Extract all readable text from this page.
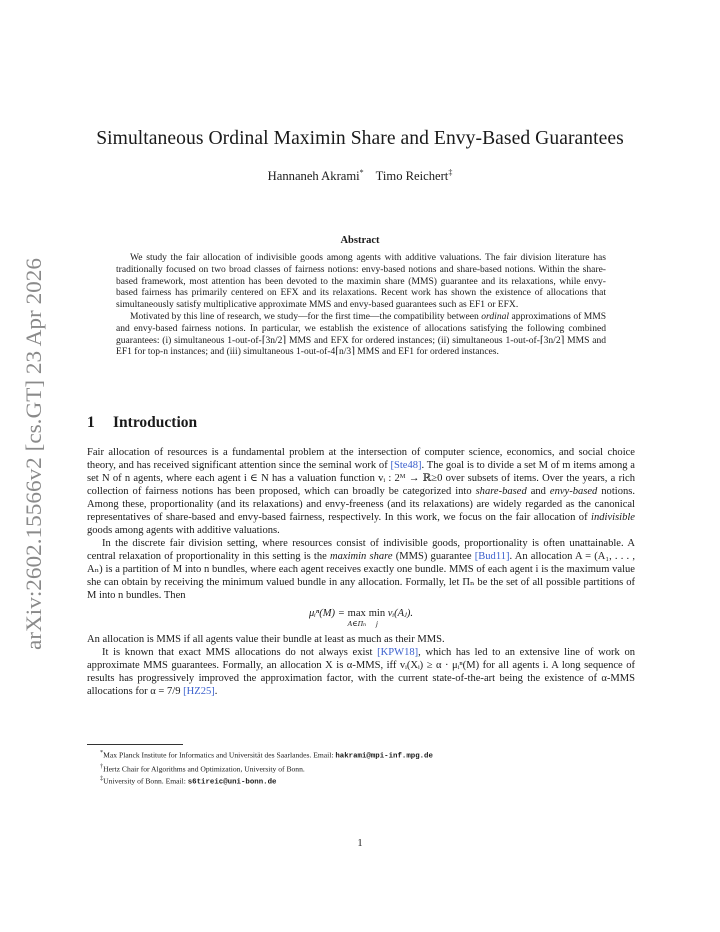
arXiv:2602.15566v2 [cs.GT] 23 Apr 2026
Simultaneous Ordinal Maximin Share and Envy-Based Guarantees
Hannaneh Akrami* Timo Reichert‡
Abstract

We study the fair allocation of indivisible goods among agents with additive valuations. The fair division literature has traditionally focused on two broad classes of fairness notions: envy-based notions and share-based notions. Within the share-based framework, most attention has been devoted to the maximin share (MMS) guarantee and its relaxations, while envy-based fairness has primarily centered on EFX and its relaxations. Recent work has shown the existence of allocations that simultaneously satisfy multiplicative approximate MMS and envy-based guarantees such as EF1 or EFX.

Motivated by this line of research, we study—for the first time—the compatibility between ordinal approximations of MMS and envy-based fairness notions. In particular, we establish the existence of allocations satisfying the following combined guarantees: (i) simultaneous 1-out-of-⌈3n/2⌉ MMS and EFX for ordered instances; (ii) simultaneous 1-out-of-⌈3n/2⌉ MMS and EF1 for top-n instances; and (iii) simultaneous 1-out-of-4⌈n/3⌉ MMS and EF1 for ordered instances.

1 Introduction

Fair allocation of resources is a fundamental problem at the intersection of computer science, economics, and social choice theory, and has received significant attention since the seminal work of [Ste48]. The goal is to divide a set M of m items among a set N of n agents, where each agent i ∈ N has a valuation function vᵢ : 2ᴹ → ℝ≥0 over subsets of items. Over the years, a rich collection of fairness notions has been proposed, which can broadly be categorized into share-based and envy-based notions. Among these, proportionality (and its relaxations) and envy-freeness (and its relaxations) are widely regarded as the canonical representatives of share-based and envy-based fairness, respectively. In this work, we focus on the fair allocation of indivisible goods among agents with additive valuations.

In the discrete fair division setting, where resources consist of indivisible goods, proportionality is often unattainable. A central relaxation of proportionality in this setting is the maximin share (MMS) guarantee [Bud11]. An allocation A = (A₁, . . . , Aₙ) is a partition of M into n bundles, where each agent receives exactly one bundle. MMS of each agent i is the maximum value she can obtain by receiving the minimum valued bundle in any allocation. Formally, let Πₙ be the set of all possible partitions of M into n bundles. Then

μᵢⁿ(M) = max
A∈Πₙ
min
j
vᵢ(Aⱼ).

An allocation is MMS if all agents value their bundle at least as much as their MMS.

It is known that exact MMS allocations do not always exist [KPW18], which has led to an extensive line of work on approximate MMS guarantees. Formally, an allocation X is α-MMS, iff vᵢ(Xᵢ) ≥ α · μᵢⁿ(M) for all agents i. A long sequence of results has progressively improved the approximation factor, with the current state-of-the-art being the existence of α-MMS allocations for α = 7/9 [HZ25].

*Max Planck Institute for Informatics and Universität des Saarlandes. Email: hakrami@mpi-inf.mpg.de
†Hertz Chair for Algorithms and Optimization, University of Bonn.
‡University of Bonn. Email: s6tireic@uni-bonn.de
1
